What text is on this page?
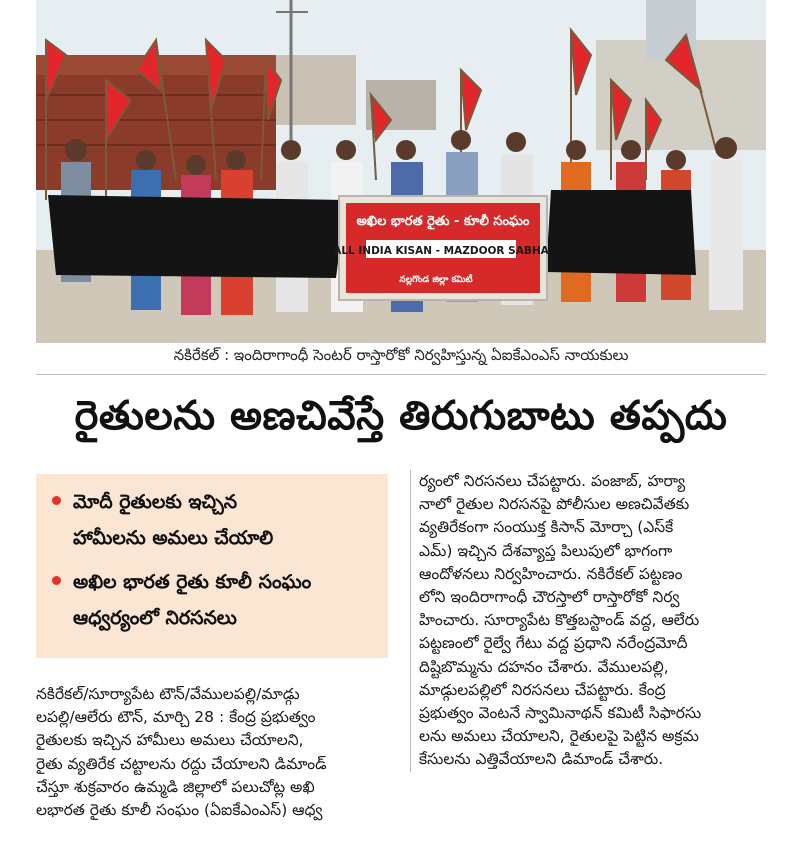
అఖిల భారత రైతు - కూలీ సంఘం
ALL INDIA KISAN - MAZDOOR SABHA
నల్లగొండ జిల్లా కమిటీ
నకిరేకల్ : ఇందిరాగాంధీ సెంటర్ రాస్తారోకో నిర్వహిస్తున్న ఏఐకేఎంఎస్ నాయకులు
రైతులను అణచివేస్తే తిరుగుబాటు తప్పదు
మోదీ రైతులకు ఇచ్చిన
హామీలను అమలు చేయాలి
అఖిల భారత రైతు కూలీ సంఘం
ఆధ్వర్యంలో నిరసనలు
నకిరేకల్/సూర్యాపేట టౌన్/వేములపల్లి/మాడ్గు
లపల్లి/ఆలేరు టౌన్, మార్చి 28 : కేంద్ర ప్రభుత్వం
రైతులకు ఇచ్చిన హామీలు అమలు చేయాలని,
రైతు వ్యతిరేక చట్టాలను రద్దు చేయాలని డిమాండ్
చేస్తూ శుక్రవారం ఉమ్మడి జిల్లాలో పలుచోట్ల అఖి
లభారత రైతు కూలీ సంఘం (ఏఐకేఎంఎస్) ఆధ్వ
ర్యంలో నిరసనలు చేపట్టారు. పంజాబ్, హర్యా
నాలో రైతుల నిరసనపై పోలీసుల అణచివేతకు
వ్యతిరేకంగా సంయుక్త కిసాన్ మోర్చా (ఎస్‌కే
ఎమ్) ఇచ్చిన దేశవ్యాప్త పిలుపులో భాగంగా
ఆందోళనలు నిర్వహించారు. నకిరేకల్ పట్టణం
లోని ఇందిరాగాంధీ చౌరస్తాలో రాస్తారోకో నిర్వ
హించారు. సూర్యాపేట కొత్తబస్టాండ్ వద్ద, ఆలేరు
పట్టణంలో రైల్వే గేటు వద్ద ప్రధాని నరేంద్రమోదీ
దిష్టిబొమ్మను దహనం చేశారు. వేములపల్లి,
మాడ్గులపల్లిలో నిరసనలు చేపట్టారు. కేంద్ర
ప్రభుత్వం వెంటనే స్వామినాథన్ కమిటీ సిఫారసు
లను అమలు చేయాలని, రైతులపై పెట్టిన అక్రమ
కేసులను ఎత్తివేయాలని డిమాండ్ చేశారు.
